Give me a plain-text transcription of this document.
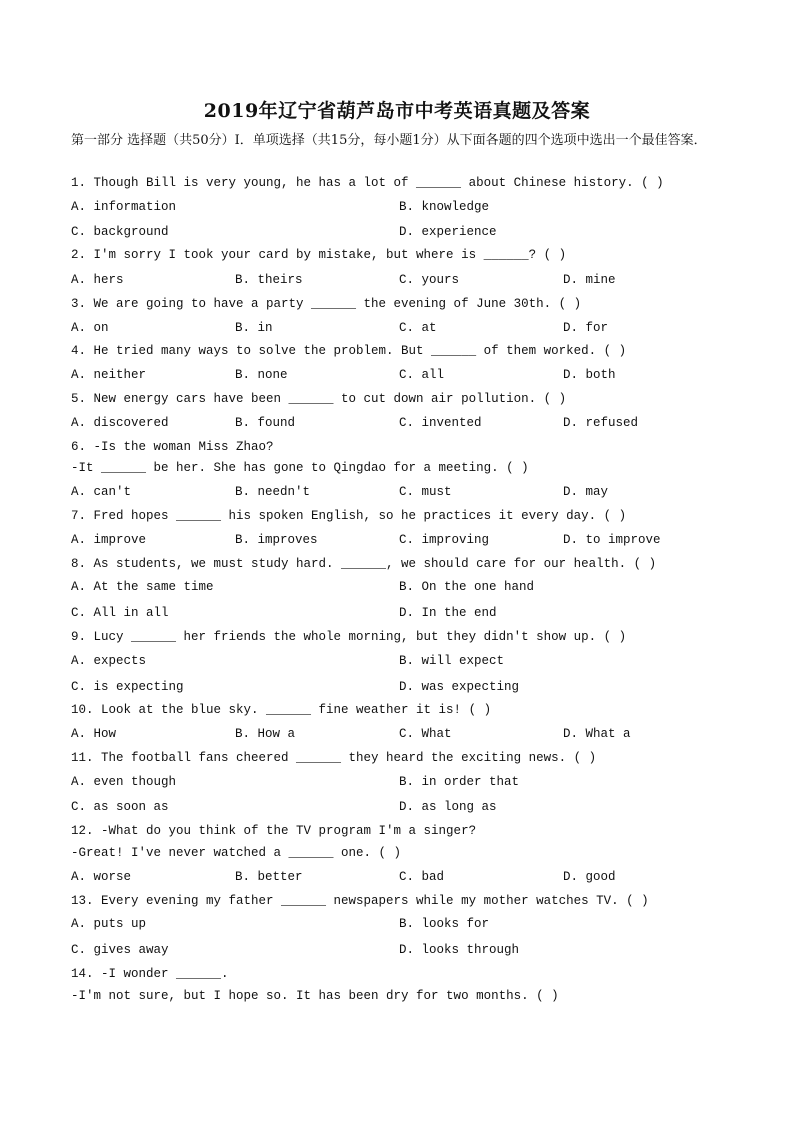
2019年辽宁省葫芦岛市中考英语真题及答案
第一部分 选择题（共50分）Ⅰ．单项选择（共15分，每小题1分）从下面各题的四个选项中选出一个最佳答案．
1. Though Bill is very young, he has a lot of ______ about Chinese history. ( )
A. information	B. knowledge
C. background	D. experience
2. I'm sorry I took your card by mistake, but where is ______? ( )
A. hers	B. theirs	C. yours	D. mine
3. We are going to have a party ______ the evening of June 30th. ( )
A. on	B. in	C. at	D. for
4. He tried many ways to solve the problem. But ______ of them worked. ( )
A. neither	B. none	C. all	D. both
5. New energy cars have been ______ to cut down air pollution. ( )
A. discovered	B. found	C. invented	D. refused
6. -Is the woman Miss Zhao?
-It ______ be her. She has gone to Qingdao for a meeting. ( )
A. can't	B. needn't	C. must	D. may
7. Fred hopes ______ his spoken English, so he practices it every day. ( )
A. improve	B. improves	C. improving	D. to improve
8. As students, we must study hard. ______, we should care for our health. ( )
A. At the same time	B. On the one hand
C. All in all	D. In the end
9. Lucy ______ her friends the whole morning, but they didn't show up. ( )
A. expects	B. will expect
C. is expecting	D. was expecting
10. Look at the blue sky. ______ fine weather it is! ( )
A. How	B. How a	C. What	D. What a
11. The football fans cheered ______ they heard the exciting news. ( )
A. even though	B. in order that
C. as soon as	D. as long as
12. -What do you think of the TV program I'm a singer?
-Great! I've never watched a ______ one. ( )
A. worse	B. better	C. bad	D. good
13. Every evening my father ______ newspapers while my mother watches TV. ( )
A. puts up	B. looks for
C. gives away	D. looks through
14. -I wonder ______.
-I'm not sure, but I hope so. It has been dry for two months. ( )
